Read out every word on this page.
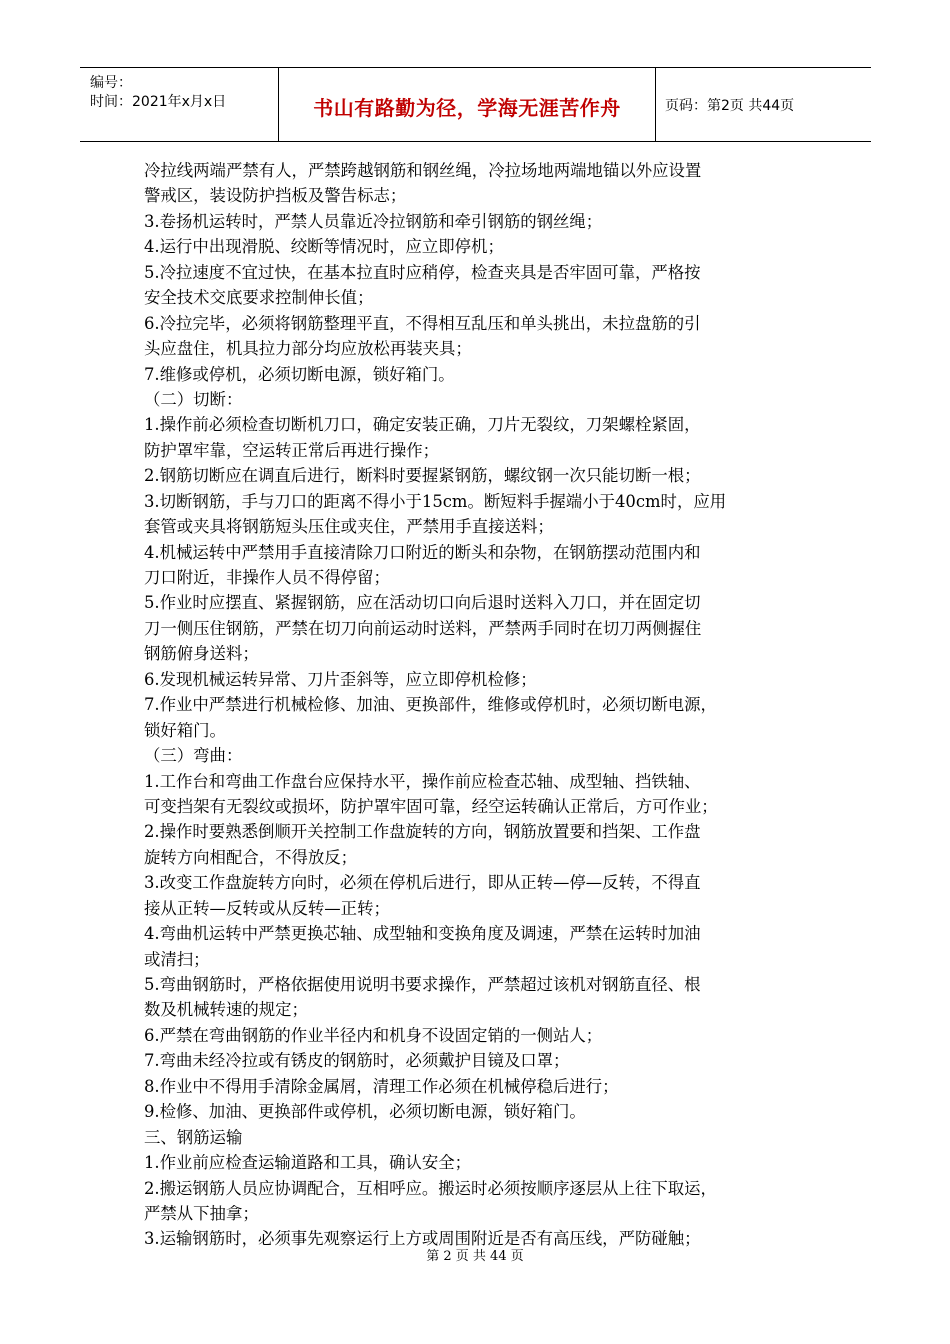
编号：
时间：2021年x月x日	书山有路勤为径，学海无涯苦作舟	页码：第2页 共44页
冷拉线两端严禁有人，严禁跨越钢筋和钢丝绳，冷拉场地两端地锚以外应设置
警戒区，装设防护挡板及警告标志；
3.卷扬机运转时，严禁人员靠近冷拉钢筋和牵引钢筋的钢丝绳；
4.运行中出现滑脱、绞断等情况时，应立即停机；
5.冷拉速度不宜过快，在基本拉直时应稍停，检查夹具是否牢固可靠，严格按
安全技术交底要求控制伸长值；
6.冷拉完毕，必须将钢筋整理平直，不得相互乱压和单头挑出，未拉盘筋的引
头应盘住，机具拉力部分均应放松再装夹具；
7.维修或停机，必须切断电源，锁好箱门。
（二）切断：
1.操作前必须检查切断机刀口，确定安装正确，刀片无裂纹，刀架螺栓紧固，
防护罩牢靠，空运转正常后再进行操作；
2.钢筋切断应在调直后进行，断料时要握紧钢筋，螺纹钢一次只能切断一根；
3.切断钢筋，手与刀口的距离不得小于15cm。断短料手握端小于40cm时，应用
套管或夹具将钢筋短头压住或夹住，严禁用手直接送料；
4.机械运转中严禁用手直接清除刀口附近的断头和杂物，在钢筋摆动范围内和
刀口附近，非操作人员不得停留；
5.作业时应摆直、紧握钢筋，应在活动切口向后退时送料入刀口，并在固定切
刀一侧压住钢筋，严禁在切刀向前运动时送料，严禁两手同时在切刀两侧握住
钢筋俯身送料；
6.发现机械运转异常、刀片歪斜等，应立即停机检修；
7.作业中严禁进行机械检修、加油、更换部件，维修或停机时，必须切断电源，
锁好箱门。
（三）弯曲：
1.工作台和弯曲工作盘台应保持水平，操作前应检查芯轴、成型轴、挡铁轴、
可变挡架有无裂纹或损坏，防护罩牢固可靠，经空运转确认正常后，方可作业；
2.操作时要熟悉倒顺开关控制工作盘旋转的方向，钢筋放置要和挡架、工作盘
旋转方向相配合，不得放反；
3.改变工作盘旋转方向时，必须在停机后进行，即从正转—停—反转，不得直
接从正转—反转或从反转—正转；
4.弯曲机运转中严禁更换芯轴、成型轴和变换角度及调速，严禁在运转时加油
或清扫；
5.弯曲钢筋时，严格依据使用说明书要求操作，严禁超过该机对钢筋直径、根
数及机械转速的规定；
6.严禁在弯曲钢筋的作业半径内和机身不设固定销的一侧站人；
7.弯曲未经冷拉或有锈皮的钢筋时，必须戴护目镜及口罩；
8.作业中不得用手清除金属屑，清理工作必须在机械停稳后进行；
9.检修、加油、更换部件或停机，必须切断电源，锁好箱门。
三、钢筋运输
1.作业前应检查运输道路和工具，确认安全；
2.搬运钢筋人员应协调配合，互相呼应。搬运时必须按顺序逐层从上往下取运，
严禁从下抽拿；
3.运输钢筋时，必须事先观察运行上方或周围附近是否有高压线，严防碰触；
第 2 页 共 44 页
